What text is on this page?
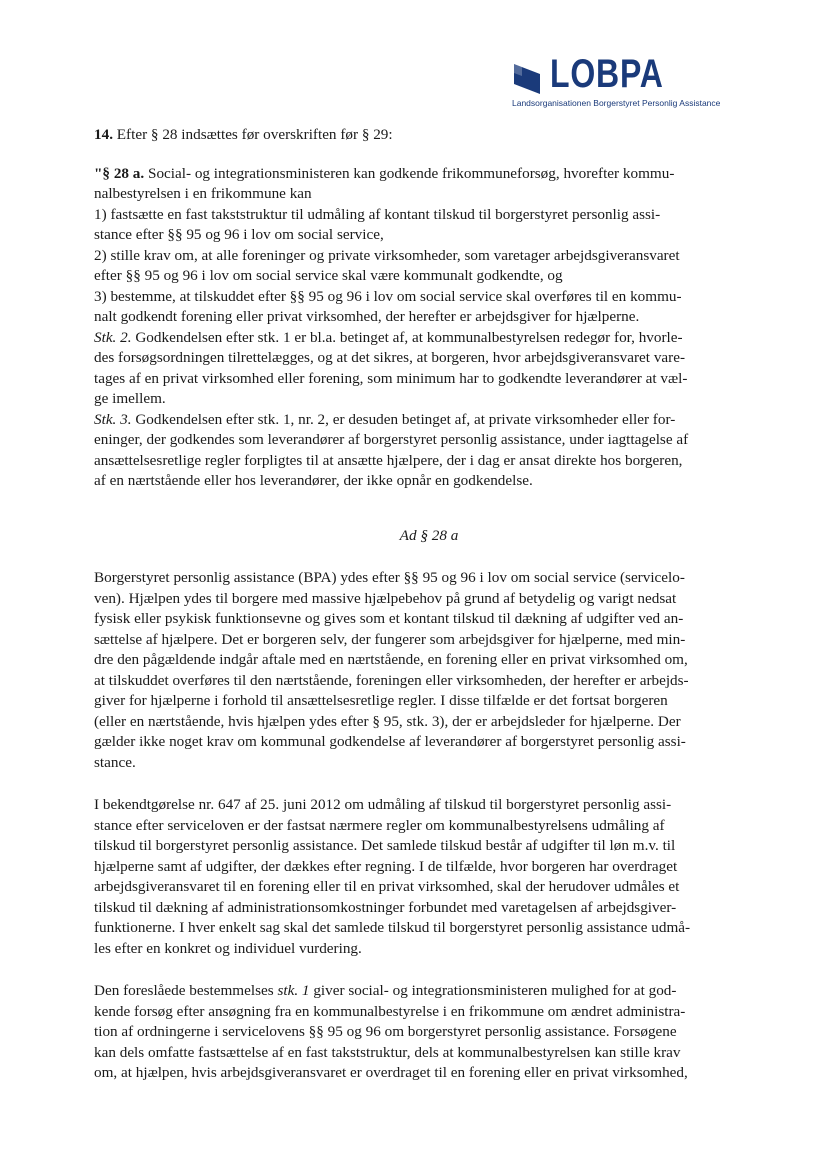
LOBPA
Landsorganisationen Borgerstyret Personlig Assistance
14. Efter § 28 indsættes før overskriften før § 29:
"§ 28 a. Social- og integrationsministeren kan godkende frikommuneforsøg, hvorefter kommu-
nalbestyrelsen i en frikommune kan
1) fastsætte en fast takststruktur til udmåling af kontant tilskud til borgerstyret personlig assi-
stance efter §§ 95 og 96 i lov om social service,
2) stille krav om, at alle foreninger og private virksomheder, som varetager arbejdsgiveransvaret
efter §§ 95 og 96 i lov om social service skal være kommunalt godkendte, og
3) bestemme, at tilskuddet efter §§ 95 og 96 i lov om social service skal overføres til en kommu-
nalt godkendt forening eller privat virksomhed, der herefter er arbejdsgiver for hjælperne.
Stk. 2. Godkendelsen efter stk. 1 er bl.a. betinget af, at kommunalbestyrelsen redegør for, hvorle-
des forsøgsordningen tilrettelægges, og at det sikres, at borgeren, hvor arbejdsgiveransvaret vare-
tages af en privat virksomhed eller forening, som minimum har to godkendte leverandører at væl-
ge imellem.
Stk. 3. Godkendelsen efter stk. 1, nr. 2, er desuden betinget af, at private virksomheder eller for-
eninger, der godkendes som leverandører af borgerstyret personlig assistance, under iagttagelse af
ansættelsesretlige regler forpligtes til at ansætte hjælpere, der i dag er ansat direkte hos borgeren,
af en nærtstående eller hos leverandører, der ikke opnår en godkendelse.
Ad § 28 a
Borgerstyret personlig assistance (BPA) ydes efter §§ 95 og 96 i lov om social service (servicelo-
ven). Hjælpen ydes til borgere med massive hjælpebehov på grund af betydelig og varigt nedsat
fysisk eller psykisk funktionsevne og gives som et kontant tilskud til dækning af udgifter ved an-
sættelse af hjælpere. Det er borgeren selv, der fungerer som arbejdsgiver for hjælperne, med min-
dre den pågældende indgår aftale med en nærtstående, en forening eller en privat virksomhed om,
at tilskuddet overføres til den nærtstående, foreningen eller virksomheden, der herefter er arbejds-
giver for hjælperne i forhold til ansættelsesretlige regler. I disse tilfælde er det fortsat borgeren
(eller en nærtstående, hvis hjælpen ydes efter § 95, stk. 3), der er arbejdsleder for hjælperne. Der
gælder ikke noget krav om kommunal godkendelse af leverandører af borgerstyret personlig assi-
stance.
I bekendtgørelse nr. 647 af 25. juni 2012 om udmåling af tilskud til borgerstyret personlig assi-
stance efter serviceloven er der fastsat nærmere regler om kommunalbestyrelsens udmåling af
tilskud til borgerstyret personlig assistance. Det samlede tilskud består af udgifter til løn m.v. til
hjælperne samt af udgifter, der dækkes efter regning. I de tilfælde, hvor borgeren har overdraget
arbejdsgiveransvaret til en forening eller til en privat virksomhed, skal der herudover udmåles et
tilskud til dækning af administrationsomkostninger forbundet med varetagelsen af arbejdsgiver-
funktionerne. I hver enkelt sag skal det samlede tilskud til borgerstyret personlig assistance udmå-
les efter en konkret og individuel vurdering.
Den foreslåede bestemmelses stk. 1 giver social- og integrationsministeren mulighed for at god-
kende forsøg efter ansøgning fra en kommunalbestyrelse i en frikommune om ændret administra-
tion af ordningerne i servicelovens §§ 95 og 96 om borgerstyret personlig assistance. Forsøgene
kan dels omfatte fastsættelse af en fast takststruktur, dels at kommunalbestyrelsen kan stille krav
om, at hjælpen, hvis arbejdsgiveransvaret er overdraget til en forening eller en privat virksomhed,
